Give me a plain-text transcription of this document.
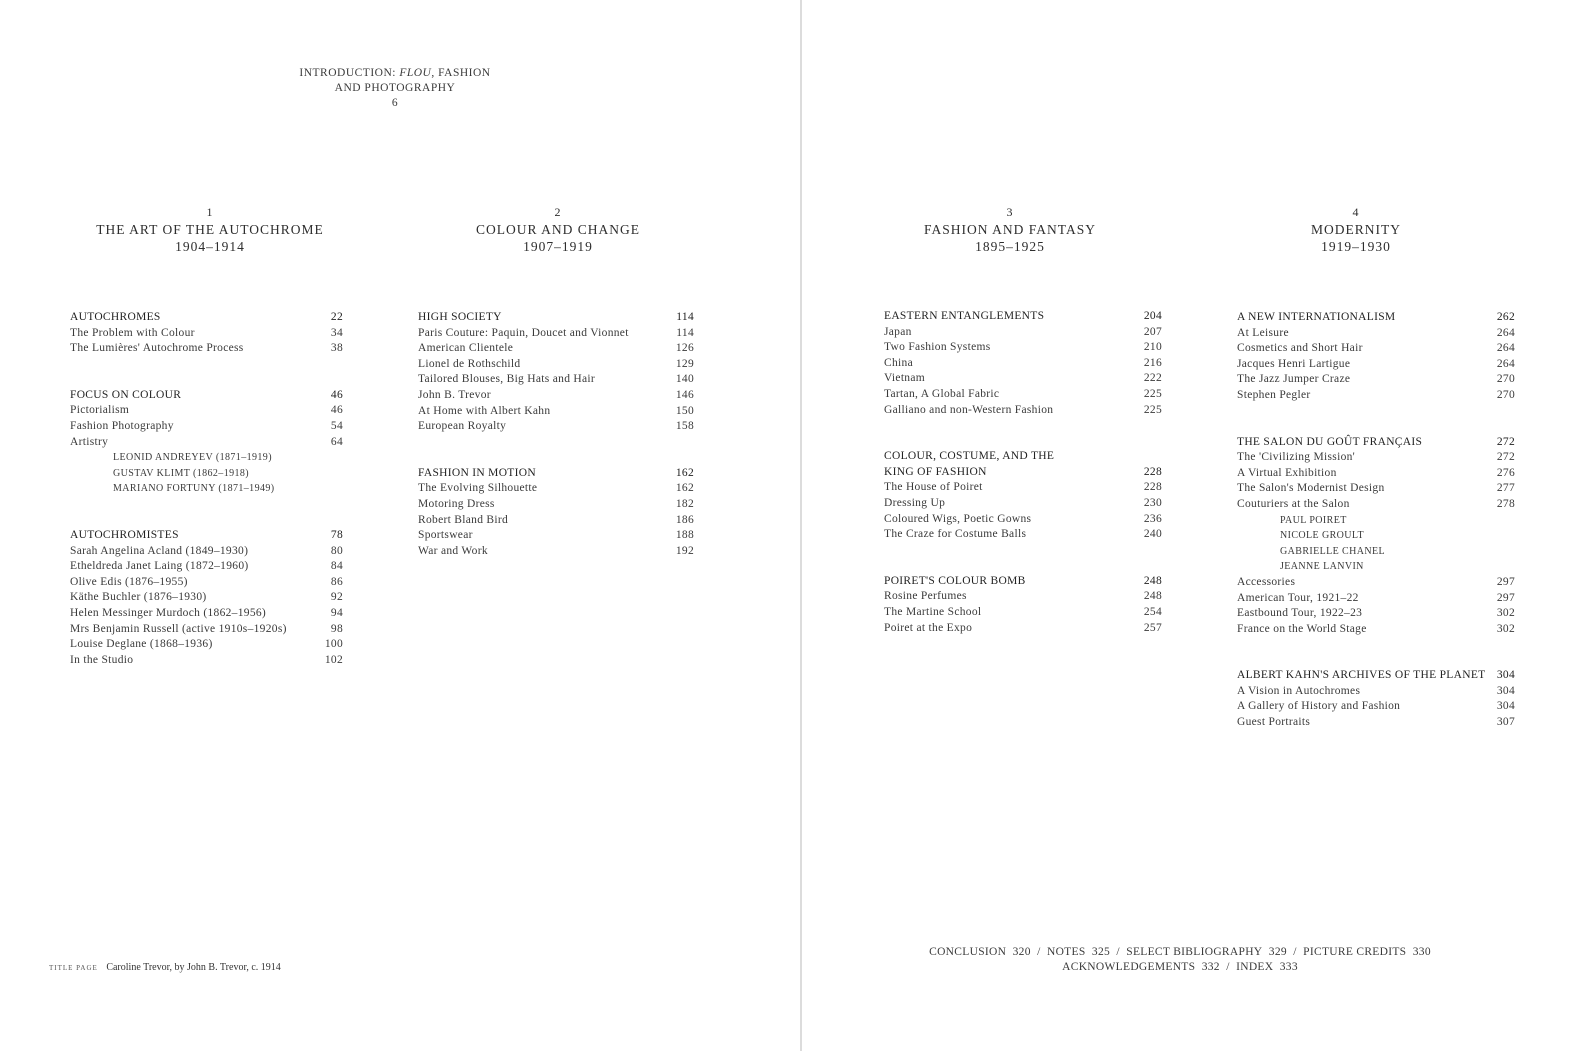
INTRODUCTION: FLOU, FASHION
AND PHOTOGRAPHY
6
1
THE ART OF THE AUTOCHROME
1904–1914
2
COLOUR AND CHANGE
1907–1919
3
FASHION AND FANTASY
1895–1925
4
MODERNITY
1919–1930
AUTOCHROMES	22
The Problem with Colour	34
The Lumières' Autochrome Process	38
FOCUS ON COLOUR	46
Pictorialism	46
Fashion Photography	54
Artistry	64
LEONID ANDREYEV (1871–1919)
GUSTAV KLIMT (1862–1918)
MARIANO FORTUNY (1871–1949)
AUTOCHROMISTES	78
Sarah Angelina Acland (1849–1930)	80
Etheldreda Janet Laing (1872–1960)	84
Olive Edis (1876–1955)	86
Käthe Buchler (1876–1930)	92
Helen Messinger Murdoch (1862–1956)	94
Mrs Benjamin Russell (active 1910s–1920s)	98
Louise Deglane (1868–1936)	100
In the Studio	102
HIGH SOCIETY	114
Paris Couture: Paquin, Doucet and Vionnet	114
American Clientele	126
Lionel de Rothschild	129
Tailored Blouses, Big Hats and Hair	140
John B. Trevor	146
At Home with Albert Kahn	150
European Royalty	158
FASHION IN MOTION	162
The Evolving Silhouette	162
Motoring Dress	182
Robert Bland Bird	186
Sportswear	188
War and Work	192
EASTERN ENTANGLEMENTS	204
Japan	207
Two Fashion Systems	210
China	216
Vietnam	222
Tartan, A Global Fabric	225
Galliano and non-Western Fashion	225
COLOUR, COSTUME, AND THE
KING OF FASHION	228
The House of Poiret	228
Dressing Up	230
Coloured Wigs, Poetic Gowns	236
The Craze for Costume Balls	240
POIRET'S COLOUR BOMB	248
Rosine Perfumes	248
The Martine School	254
Poiret at the Expo	257
A NEW INTERNATIONALISM	262
At Leisure	264
Cosmetics and Short Hair	264
Jacques Henri Lartigue	264
The Jazz Jumper Craze	270
Stephen Pegler	270
THE SALON DU GOÛT FRANÇAIS	272
The 'Civilizing Mission'	272
A Virtual Exhibition	276
The Salon's Modernist Design	277
Couturiers at the Salon	278
PAUL POIRET
NICOLE GROULT
GABRIELLE CHANEL
JEANNE LANVIN
Accessories	297
American Tour, 1921–22	297
Eastbound Tour, 1922–23	302
France on the World Stage	302
ALBERT KAHN'S ARCHIVES OF THE PLANET 304
A Vision in Autochromes	304
A Gallery of History and Fashion	304
Guest Portraits	307
TITLE PAGE Caroline Trevor, by John B. Trevor, c. 1914
CONCLUSION 320 / NOTES 325 / SELECT BIBLIOGRAPHY 329 / PICTURE CREDITS 330
ACKNOWLEDGEMENTS 332 / INDEX 333
